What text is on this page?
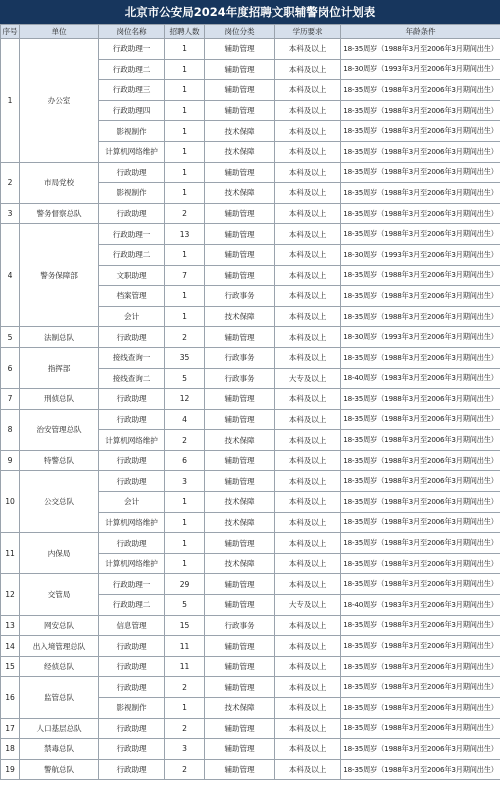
北京市公安局2024年度招聘文职辅警岗位计划表
序号	单位	岗位名称	招聘人数	岗位分类	学历要求	年龄条件
1	办公室	行政助理一	1	辅助管理	本科及以上	18-35周岁（1988年3月至2006年3月期间出生）
		行政助理二	1	辅助管理	本科及以上	18-30周岁（1993年3月至2006年3月期间出生）
		行政助理三	1	辅助管理	本科及以上	18-35周岁（1988年3月至2006年3月期间出生）
		行政助理四	1	辅助管理	本科及以上	18-35周岁（1988年3月至2006年3月期间出生）
		影视制作	1	技术保障	本科及以上	18-35周岁（1988年3月至2006年3月期间出生）
		计算机网络维护	1	技术保障	本科及以上	18-35周岁（1988年3月至2006年3月期间出生）
2	市局党校	行政助理	1	辅助管理	本科及以上	18-35周岁（1988年3月至2006年3月期间出生）
		影视制作	1	技术保障	本科及以上	18-35周岁（1988年3月至2006年3月期间出生）
3	警务督察总队	行政助理	2	辅助管理	本科及以上	18-35周岁（1988年3月至2006年3月期间出生）
4	警务保障部	行政助理一	13	辅助管理	本科及以上	18-35周岁（1988年3月至2006年3月期间出生）
		行政助理二	1	辅助管理	本科及以上	18-30周岁（1993年3月至2006年3月期间出生）
		文职助理	7	辅助管理	本科及以上	18-35周岁（1988年3月至2006年3月期间出生）
		档案管理	1	行政事务	本科及以上	18-35周岁（1988年3月至2006年3月期间出生）
		会计	1	技术保障	本科及以上	18-35周岁（1988年3月至2006年3月期间出生）
5	法制总队	行政助理	2	辅助管理	本科及以上	18-30周岁（1993年3月至2006年3月期间出生）
6	指挥部	接线查询一	35	行政事务	本科及以上	18-35周岁（1988年3月至2006年3月期间出生）
		接线查询二	5	行政事务	大专及以上	18-40周岁（1983年3月至2006年3月期间出生）
7	刑侦总队	行政助理	12	辅助管理	本科及以上	18-35周岁（1988年3月至2006年3月期间出生）
8	治安管理总队	行政助理	4	辅助管理	本科及以上	18-35周岁（1988年3月至2006年3月期间出生）
		计算机网络维护	2	技术保障	本科及以上	18-35周岁（1988年3月至2006年3月期间出生）
9	特警总队	行政助理	6	辅助管理	本科及以上	18-35周岁（1988年3月至2006年3月期间出生）
10	公交总队	行政助理	3	辅助管理	本科及以上	18-35周岁（1988年3月至2006年3月期间出生）
		会计	1	技术保障	本科及以上	18-35周岁（1988年3月至2006年3月期间出生）
		计算机网络维护	1	技术保障	本科及以上	18-35周岁（1988年3月至2006年3月期间出生）
11	内保局	行政助理	1	辅助管理	本科及以上	18-35周岁（1988年3月至2006年3月期间出生）
		计算机网络维护	1	技术保障	本科及以上	18-35周岁（1988年3月至2006年3月期间出生）
12	交管局	行政助理一	29	辅助管理	本科及以上	18-35周岁（1988年3月至2006年3月期间出生）
		行政助理二	5	辅助管理	大专及以上	18-40周岁（1983年3月至2006年3月期间出生）
13	网安总队	信息管理	15	行政事务	本科及以上	18-35周岁（1988年3月至2006年3月期间出生）
14	出入境管理总队	行政助理	11	辅助管理	本科及以上	18-35周岁（1988年3月至2006年3月期间出生）
15	经侦总队	行政助理	11	辅助管理	本科及以上	18-35周岁（1988年3月至2006年3月期间出生）
16	监管总队	行政助理	2	辅助管理	本科及以上	18-35周岁（1988年3月至2006年3月期间出生）
		影视制作	1	技术保障	本科及以上	18-35周岁（1988年3月至2006年3月期间出生）
17	人口基层总队	行政助理	2	辅助管理	本科及以上	18-35周岁（1988年3月至2006年3月期间出生）
18	禁毒总队	行政助理	3	辅助管理	本科及以上	18-35周岁（1988年3月至2006年3月期间出生）
19	警航总队	行政助理	2	辅助管理	本科及以上	18-35周岁（1988年3月至2006年3月期间出生）
